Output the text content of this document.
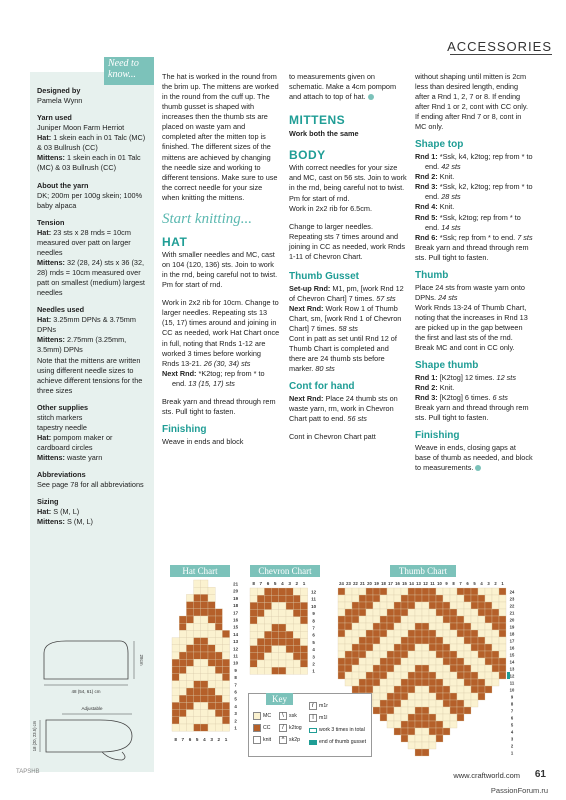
ACCESSORIES

Designed by

Pamela Wynn

Yarn used

Juniper Moon Farm Herriot

Hat: 1 skein each in 01 Talc (MC) & 03 Bullrush (CC)

Mittens: 1 skein each in 01 Talc (MC) & 03 Bullrush (CC)

About the yarn

DK; 200m per 100g skein; 100% baby alpaca

Tension

Hat: 23 sts x 28 rnds = 10cm measured over patt on larger needles

Mittens: 32 (28, 24) sts x 36 (32, 28) rnds = 10cm measured over patt on smallest (medium) largest needles

Needles used

Hat: 3.25mm DPNs & 3.75mm DPNs

Mittens: 2.75mm (3.25mm, 3.5mm) DPNs

Note that the mittens are written using different needle sizes to achieve different tensions for the three sizes

Other supplies

stitch markers

tapestry needle

Hat: pompom maker or cardboard circles

Mittens: waste yarn

Abbreviations

See page 78 for all abbreviations

Sizing

Hat: S (M, L)

Mittens: S (M, L)

48 (54, 61) cm
28cm
Adjustable
18 (20, 23.5) cm
Need to know...	The hat is worked in the round from the brim up. The mittens are worked in the round from the cuff up. The thumb gusset is shaped with increases then the thumb sts are placed on waste yarn and completed after the mitten top is finished. The different sizes of the mittens are achieved by changing the needle size and working to different tensions. Make sure to use the correct needle for your size when knitting the mittens.

Start knitting...

HAT

With smaller needles and MC, cast on 104 (120, 136) sts. Join to work in the rnd, being careful not to twist. Pm for start of rnd.

Work in 2x2 rib for 10cm. Change to larger needles. Repeating sts 13 (15, 17) times around and joining in CC as needed, work Hat Chart once in full, noting that Rnds 1-12 are worked 3 times before working Rnds 13-21. 26 (30, 34) sts

Next Rnd: *K2tog; rep from * to end. 13 (15, 17) sts

Break yarn and thread through rem sts. Pull tight to fasten.

Finishing

Weave in ends and block

to measurements given on schematic. Make a 4cm pompom and attach to top of hat.

MITTENS

Work both the same

BODY

With correct needles for your size and MC, cast on 56 sts. Join to work in the rnd, being careful not to twist. Pm for start of rnd.

Work in 2x2 rib for 6.5cm.

Change to larger needles. Repeating sts 7 times around and joining in CC as needed, work Rnds 1-11 of Chevron Chart.

Thumb Gusset

Set-up Rnd: M1, pm, [work Rnd 12 of Chevron Chart] 7 times. 57 sts

Next Rnd: Work Row 1 of Thumb Chart, sm, [work Rnd 1 of Chevron Chart] 7 times. 58 sts

Cont in patt as set until Rnd 12 of Thumb Chart is completed and there are 24 thumb sts before marker. 80 sts

Cont for hand

Next Rnd: Place 24 thumb sts on waste yarn, rm, work in Chevron Chart patt to end. 56 sts

Cont in Chevron Chart patt

without shaping until mitten is 2cm less than desired length, ending after a Rnd 1, 2, 7 or 8. If ending after Rnd 1 or 2, cont with CC only. If ending after Rnd 7 or 8, cont in MC only.

Shape top

Rnd 1: *Ssk, k4, k2tog; rep from * to end. 42 sts

Rnd 2: Knit.

Rnd 3: *Ssk, k2, k2tog; rep from * to end. 28 sts

Rnd 4: Knit.

Rnd 5: *Ssk, k2tog; rep from * to end. 14 sts

Rnd 6: *Ssk; rep from * to end. 7 sts

Break yarn and thread through rem sts. Pull tight to fasten.

Thumb

Place 24 sts from waste yarn onto DPNs. 24 sts

Work Rnds 13-24 of Thumb Chart, noting that the increases in Rnd 13 are picked up in the gap between the first and last sts of the rnd.

Break MC and cont in CC only.

Shape thumb

Rnd 1: [K2tog] 12 times. 12 sts

Rnd 2: Knit.

Rnd 3: [K2tog] 6 times. 6 sts

Break yarn and thread through rem sts. Pull tight to fasten.

Finishing

Weave in ends, closing gaps at base of thumb as needed, and block to measurements.

Hat Chart	Chevron Chart	Thumb Chart
21
20
19
18
17
16
15
14
13
12
11
10
9
8
7
6
5
4
3
2
1
8 7 6 5 4 3 2 1
8 7 6 5 4 3 2 1
12
11
10
9
8
7
6
5
4
3
2
1
24 23 22 21 20 19 18 17 16 15 14 13 12 11 10 9 8 7 6 5 4 3 2 1
24
23
22
21
20
19
18
17
16
15
14
13
12
11
10
9
8
7
6
5
4
3
2
1
MC
CC
knit
\ ssk
/ k2tog
^ sk2p
r m1r
l	m1l
work 3 times in total
end of thumb gusset
Key
TAPSHB	www.craftworld.com 61
PassionForum.ru
